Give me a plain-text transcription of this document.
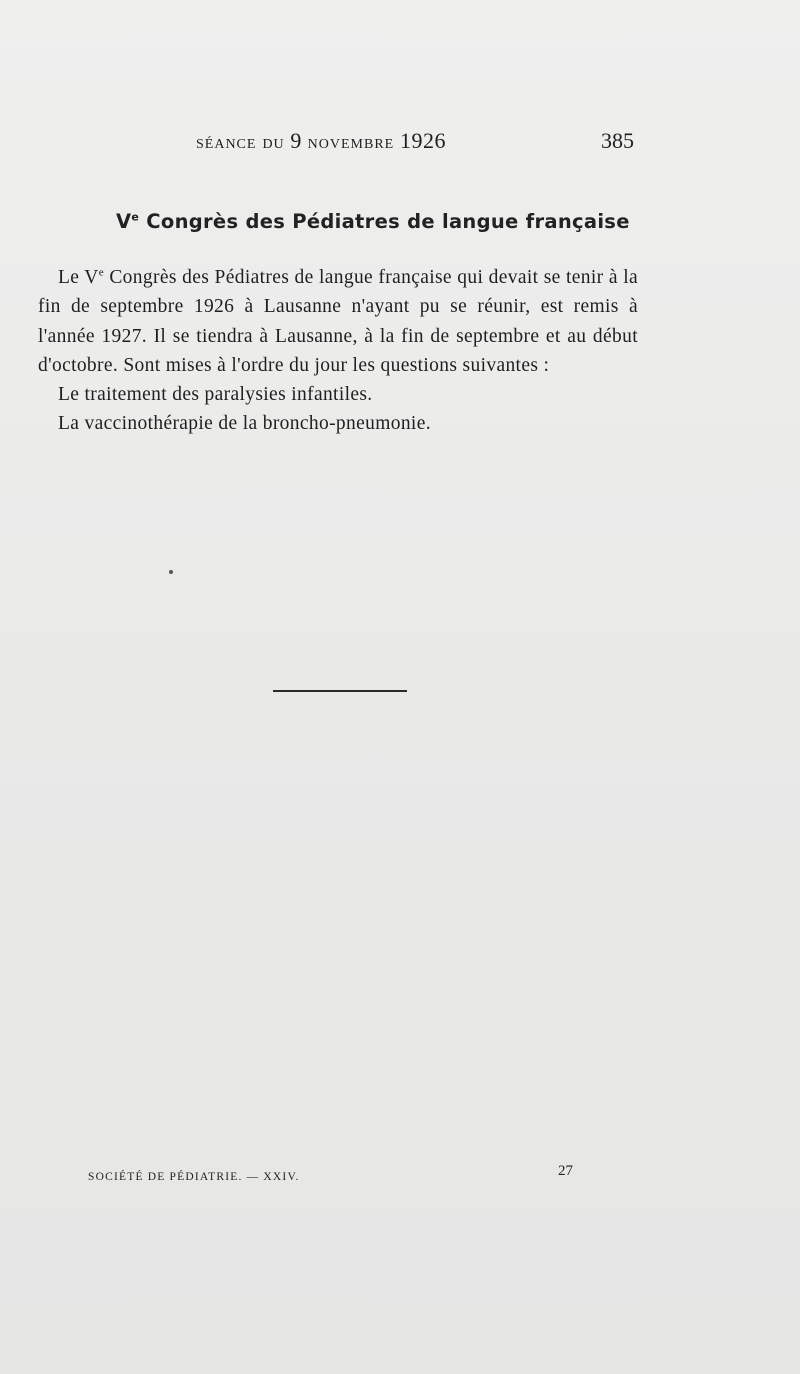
séance du 9 novembre 1926	385
Ve Congrès des Pédiatres de langue française

Le Ve Congrès des Pédiatres de langue française qui devait se tenir à la fin de septembre 1926 à Lausanne n'ayant pu se réunir, est remis à l'année 1927. Il se tiendra à Lausanne, à la fin de septembre et au début d'octobre. Sont mises à l'ordre du jour les questions suivantes :

Le traitement des paralysies infantiles.

La vaccinothérapie de la broncho-pneumonie.

SOCIÉTÉ DE PÉDIATRIE. — XXIV.	27
